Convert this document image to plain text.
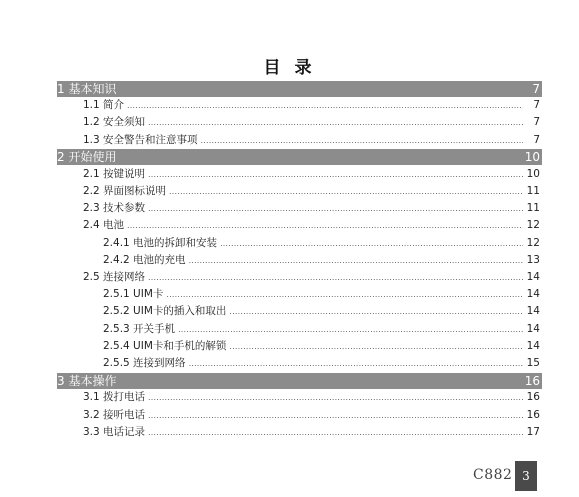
目 录
1 基本知识	7
1.1 简介 .....	7
1.2 安全须知 .....	7
1.3 安全警告和注意事项 .....	7
2 开始使用	10
2.1 按键说明 .....	10
2.2 界面图标说明 .....	11
2.3 技术参数 .....	11
2.4 电池 .....	12
2.4.1 电池的拆卸和安装 .....	12
2.4.2 电池的充电 .....	13
2.5 连接网络 .....	14
2.5.1 UIM卡 .....	14
2.5.2 UIM卡的插入和取出 .....	14
2.5.3 开关手机 .....	14
2.5.4 UIM卡和手机的解锁 .....	14
2.5.5 连接到网络 .....	15
3 基本操作	16
3.1 拨打电话 .....	16
3.2 接听电话 .....	16
3.3 电话记录 .....	17
C882 3
